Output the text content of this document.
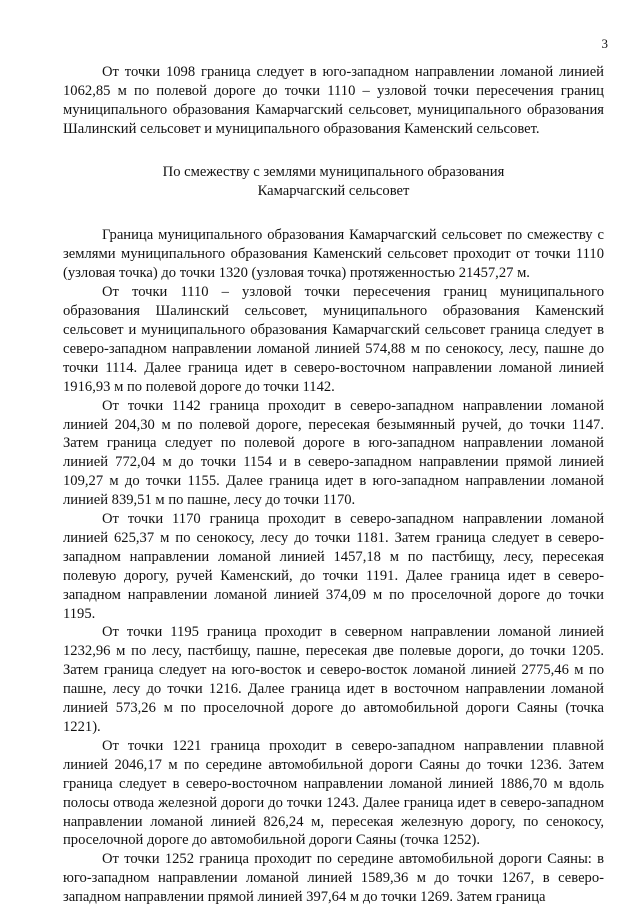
3

От точки 1098 граница следует в юго-западном направлении ломаной линией 1062,85 м по полевой дороге до точки 1110 – узловой точки пересечения границ муниципального образования Камарчагский сельсовет, муниципального образования Шалинский сельсовет и муниципального образования Каменский сельсовет.

По смежеству с землями муниципального образования
Камарчагский сельсовет

Граница муниципального образования Камарчагский сельсовет по смежеству с землями муниципального образования Каменский сельсовет проходит от точки 1110 (узловая точка) до точки 1320 (узловая точка) протяженностью 21457,27 м.

От точки 1110 – узловой точки пересечения границ муниципального образования Шалинский сельсовет, муниципального образования Каменский сельсовет и муниципального образования Камарчагский сельсовет граница следует в северо-западном направлении ломаной линией 574,88 м по сенокосу, лесу, пашне до точки 1114. Далее граница идет в северо-восточном направлении ломаной линией 1916,93 м по полевой дороге до точки 1142.

От точки 1142 граница проходит в северо-западном направлении ломаной линией 204,30 м по полевой дороге, пересекая безымянный ручей, до точки 1147. Затем граница следует по полевой дороге в юго-западном направлении ломаной линией 772,04 м до точки 1154 и в северо-западном направлении прямой линией 109,27 м до точки 1155. Далее граница идет в юго-западном направлении ломаной линией 839,51 м по пашне, лесу до точки 1170.

От точки 1170 граница проходит в северо-западном направлении ломаной линией 625,37 м по сенокосу, лесу до точки 1181. Затем граница следует в северо-западном направлении ломаной линией 1457,18 м по пастбищу, лесу, пересекая полевую дорогу, ручей Каменский, до точки 1191. Далее граница идет в северо-западном направлении ломаной линией 374,09 м по проселочной дороге до точки 1195.

От точки 1195 граница проходит в северном направлении ломаной линией 1232,96 м по лесу, пастбищу, пашне, пересекая две полевые дороги, до точки 1205. Затем граница следует на юго-восток и северо-восток ломаной линией 2775,46 м по пашне, лесу до точки 1216. Далее граница идет в восточном направлении ломаной линией 573,26 м по проселочной дороге до автомобильной дороги Саяны (точка 1221).

От точки 1221 граница проходит в северо-западном направлении плавной линией 2046,17 м по середине автомобильной дороги Саяны до точки 1236. Затем граница следует в северо-восточном направлении ломаной линией 1886,70 м вдоль полосы отвода железной дороги до точки 1243. Далее граница идет в северо-западном направлении ломаной линией 826,24 м, пересекая железную дорогу, по сенокосу, проселочной дороге до автомобильной дороги Саяны (точка 1252).

От точки 1252 граница проходит по середине автомобильной дороги Саяны: в юго-западном направлении ломаной линией 1589,36 м до точки 1267, в северо-западном направлении прямой линией 397,64 м до точки 1269. Затем граница
